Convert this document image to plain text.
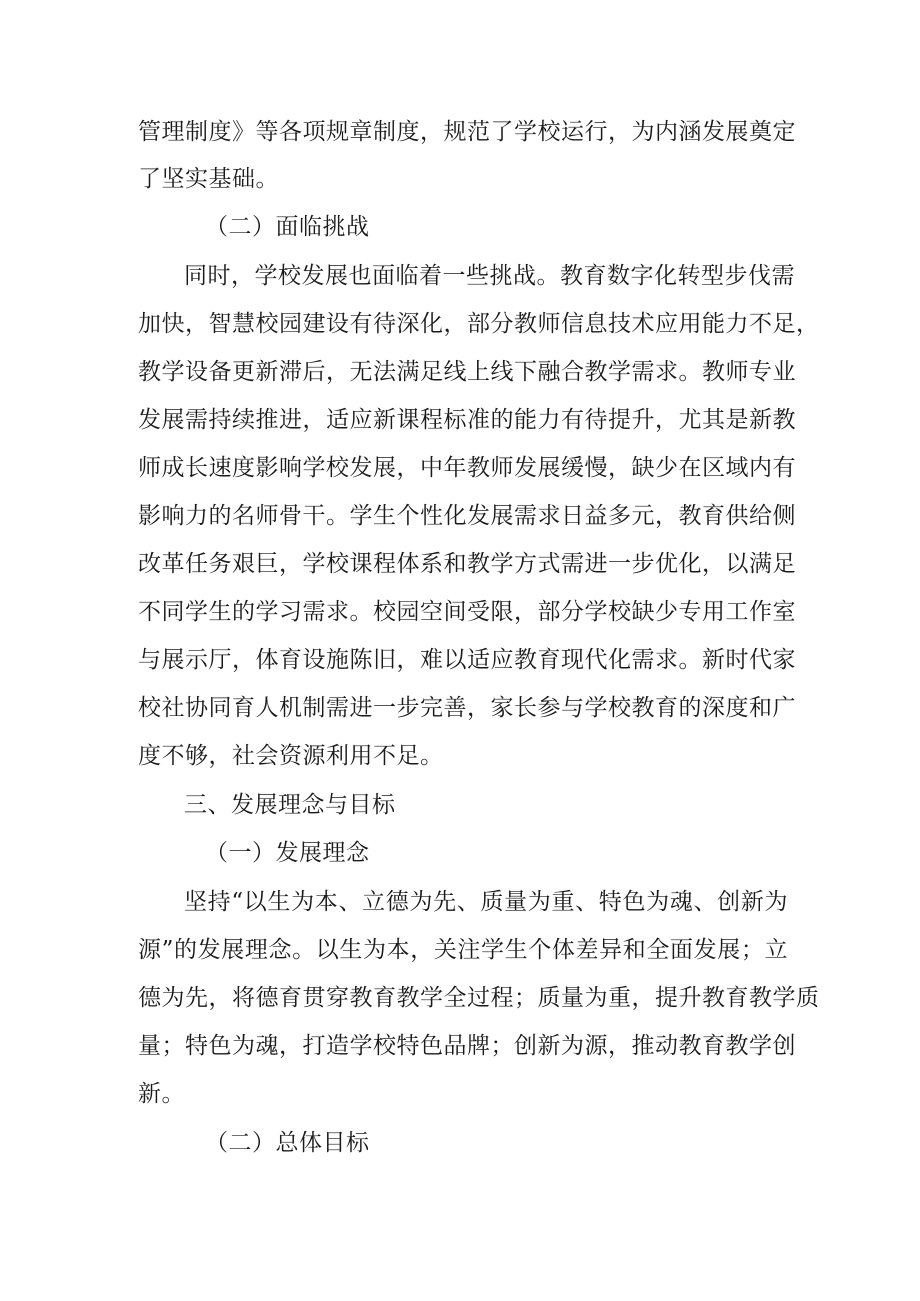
管理制度》等各项规章制度，规范了学校运行，为内涵发展奠定
了坚实基础。
（二）面临挑战
同时，学校发展也面临着一些挑战。教育数字化转型步伐需
加快，智慧校园建设有待深化，部分教师信息技术应用能力不足，
教学设备更新滞后，无法满足线上线下融合教学需求。教师专业
发展需持续推进，适应新课程标准的能力有待提升，尤其是新教
师成长速度影响学校发展，中年教师发展缓慢，缺少在区域内有
影响力的名师骨干。学生个性化发展需求日益多元，教育供给侧
改革任务艰巨，学校课程体系和教学方式需进一步优化，以满足
不同学生的学习需求。校园空间受限，部分学校缺少专用工作室
与展示厅，体育设施陈旧，难以适应教育现代化需求。新时代家
校社协同育人机制需进一步完善，家长参与学校教育的深度和广
度不够，社会资源利用不足。
三、发展理念与目标
（一）发展理念
坚持“以生为本、立德为先、质量为重、特色为魂、创新为
源”的发展理念。以生为本，关注学生个体差异和全面发展；立
德为先，将德育贯穿教育教学全过程；质量为重，提升教育教学质
量；特色为魂，打造学校特色品牌；创新为源，推动教育教学创
新。
（二）总体目标
